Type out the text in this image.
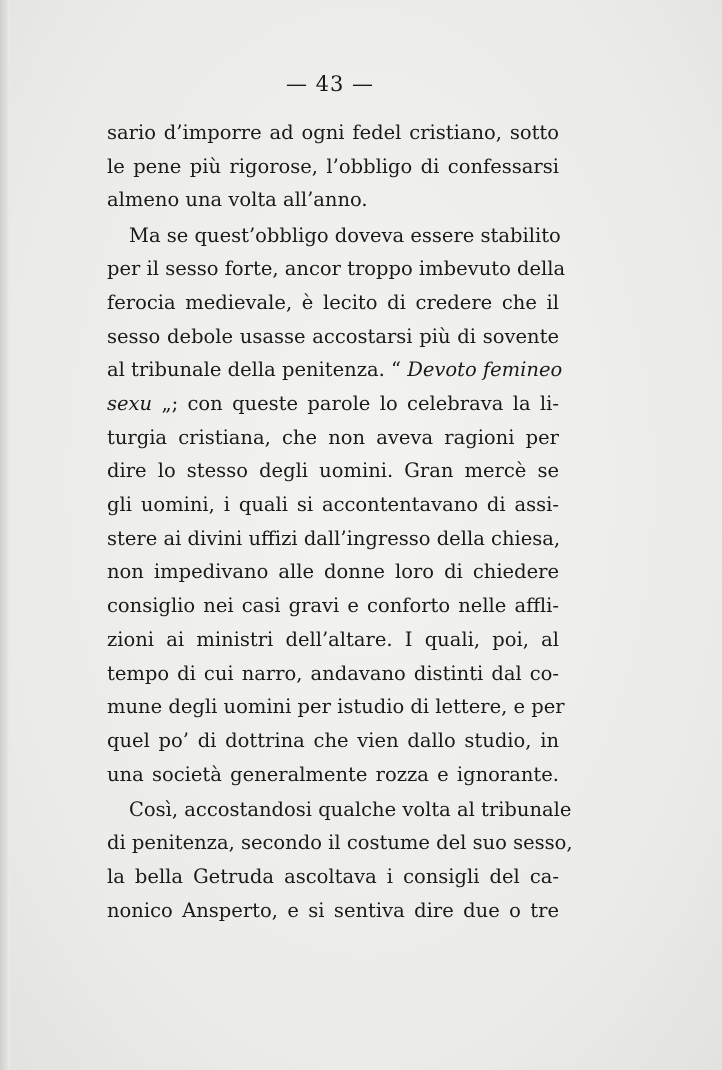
— 43 —
sario d’imporre ad ogni fedel cristiano, sotto
le pene più rigorose, l’obbligo di confessarsi
almeno una volta all’anno.
Ma se quest’obbligo doveva essere stabilito
per il sesso forte, ancor troppo imbevuto della
ferocia medievale, è lecito di credere che il
sesso debole usasse accostarsi più di sovente
al tribunale della penitenza. “ Devoto femineo
sexu „; con queste parole lo celebrava la li-
turgia cristiana, che non aveva ragioni per
dire lo stesso degli uomini. Gran mercè se
gli uomini, i quali si accontentavano di assi-
stere ai divini uffizi dall’ingresso della chiesa,
non impedivano alle donne loro di chiedere
consiglio nei casi gravi e conforto nelle affli-
zioni ai ministri dell’altare. I quali, poi, al
tempo di cui narro, andavano distinti dal co-
mune degli uomini per istudio di lettere, e per
quel po’ di dottrina che vien dallo studio, in
una società generalmente rozza e ignorante.
Così, accostandosi qualche volta al tribunale
di penitenza, secondo il costume del suo sesso,
la bella Getruda ascoltava i consigli del ca-
nonico Ansperto, e si sentiva dire due o tre
